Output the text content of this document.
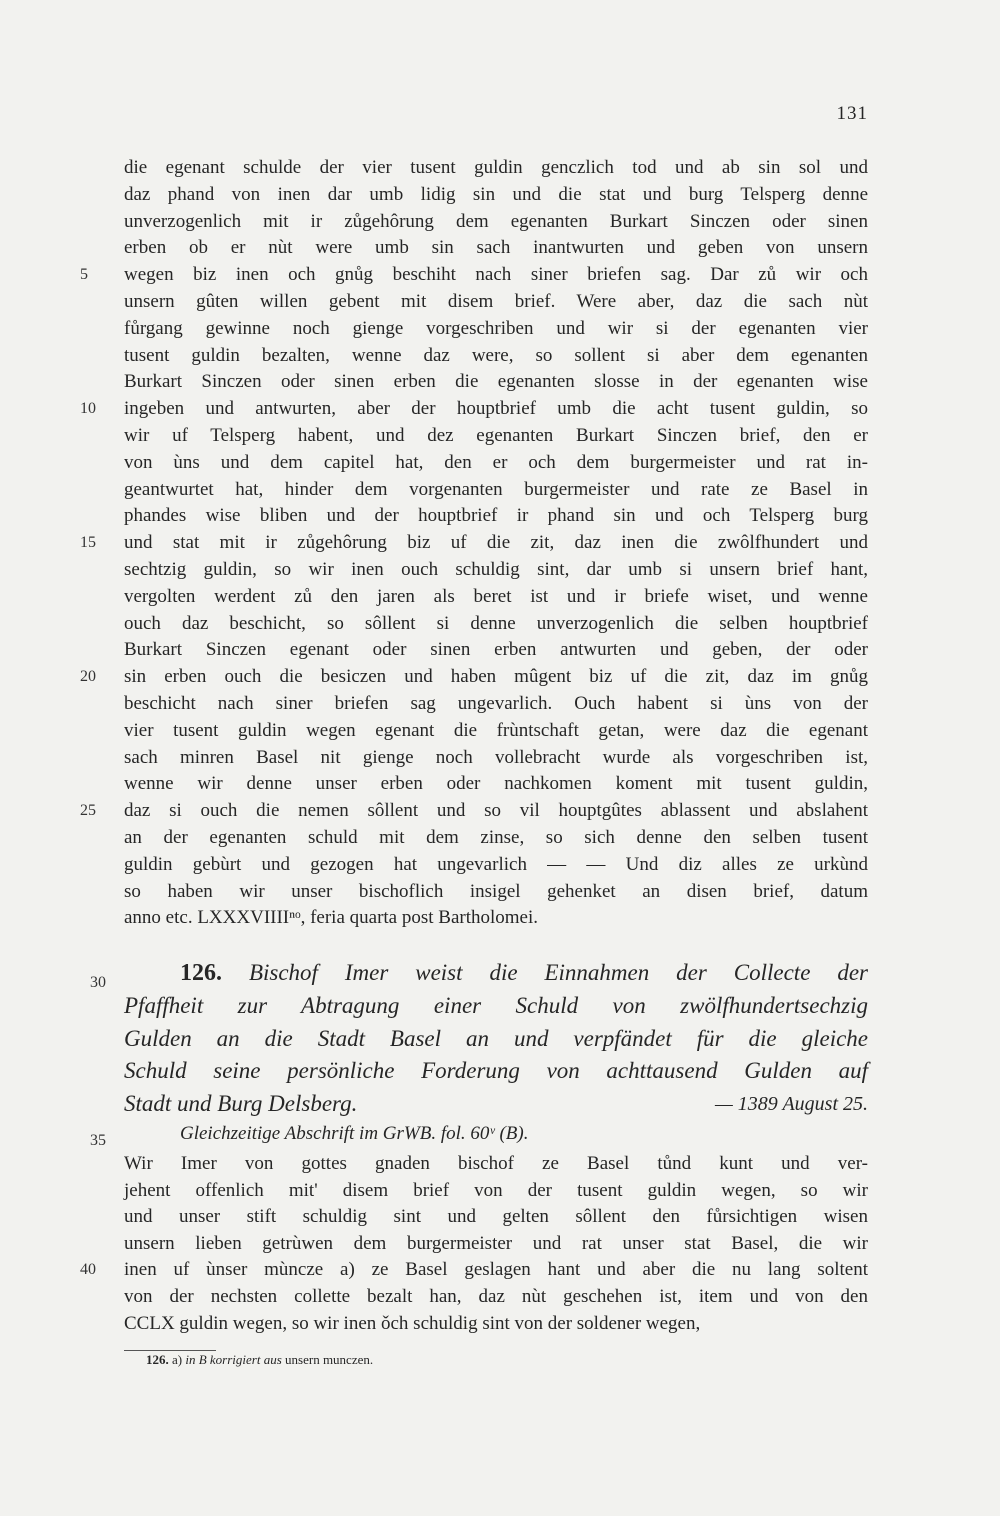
131
die egenant schulde der vier tusent guldin genczlich tod und ab sin sol und
daz phand von inen dar umb lidig sin und die stat und burg Telsperg denne
unverzogenlich mit ir zůgehôrung dem egenanten Burkart Sinczen oder sinen
erben ob er nùt were umb sin sach inantwurten und geben von unsern
5	wegen biz inen och gnůg beschiht nach siner briefen sag. Dar zů wir och
unsern gûten willen gebent mit disem brief. Were aber, daz die sach nùt
fůrgang gewinne noch gienge vorgeschriben und wir si der egenanten vier
tusent guldin bezalten, wenne daz were, so sollent si aber dem egenanten
Burkart Sinczen oder sinen erben die egenanten slosse in der egenanten wise
10	ingeben und antwurten, aber der houptbrief umb die acht tusent guldin, so
wir uf Telsperg habent, und dez egenanten Burkart Sinczen brief, den er
von ùns und dem capitel hat, den er och dem burgermeister und rat in-
geantwurtet hat, hinder dem vorgenanten burgermeister und rate ze Basel in
phandes wise bliben und der houptbrief ir phand sin und och Telsperg burg
15	und stat mit ir zůgehôrung biz uf die zit, daz inen die zwôlfhundert und
sechtzig guldin, so wir inen ouch schuldig sint, dar umb si unsern brief hant,
vergolten werdent zů den jaren als beret ist und ir briefe wiset, und wenne
ouch daz beschicht, so sôllent si denne unverzogenlich die selben houptbrief
Burkart Sinczen egenant oder sinen erben antwurten und geben, der oder
20	sin erben ouch die besiczen und haben mûgent biz uf die zit, daz im gnůg
beschicht nach siner briefen sag ungevarlich. Ouch habent si ùns von der
vier tusent guldin wegen egenant die frùntschaft getan, were daz die egenant
sach minren Basel nit gienge noch vollebracht wurde als vorgeschriben ist,
wenne wir denne unser erben oder nachkomen koment mit tusent guldin,
25	daz si ouch die nemen sôllent und so vil houptgûtes ablassent und abslahent
an der egenanten schuld mit dem zinse, so sich denne den selben tusent
guldin gebùrt und gezogen hat ungevarlich — — Und diz alles ze urkùnd
so haben wir unser bischoflich insigel gehenket an disen brief, datum
anno etc. LXXXVIIIIⁿᵒ, feria quarta post Bartholomei.
30	126. Bischof Imer weist die Einnahmen der Collecte der
Pfaffheit zur Abtragung einer Schuld von zwölfhundertsechzig
Gulden an die Stadt Basel an und verpfändet für die gleiche
Schuld seine persönliche Forderung von achttausend Gulden auf
Stadt und Burg Delsberg.	— 1389 August 25.
35	Gleichzeitige Abschrift im GrWB. fol. 60ᵛ (B).
Wir Imer von gottes gnaden bischof ze Basel tůnd kunt und ver-
jehent offenlich mit' disem brief von der tusent guldin wegen, so wir
und unser stift schuldig sint und gelten sôllent den fůrsichtigen wisen
unsern lieben getrùwen dem burgermeister und rat unser stat Basel, die wir
40	inen uf ùnser mùncze a) ze Basel geslagen hant und aber die nu lang soltent
von der nechsten collette bezalt han, daz nùt geschehen ist, item und von den
CCLX guldin wegen, so wir inen ǒch schuldig sint von der soldener wegen,
126. a) in B korrigiert aus unsern munczen.
